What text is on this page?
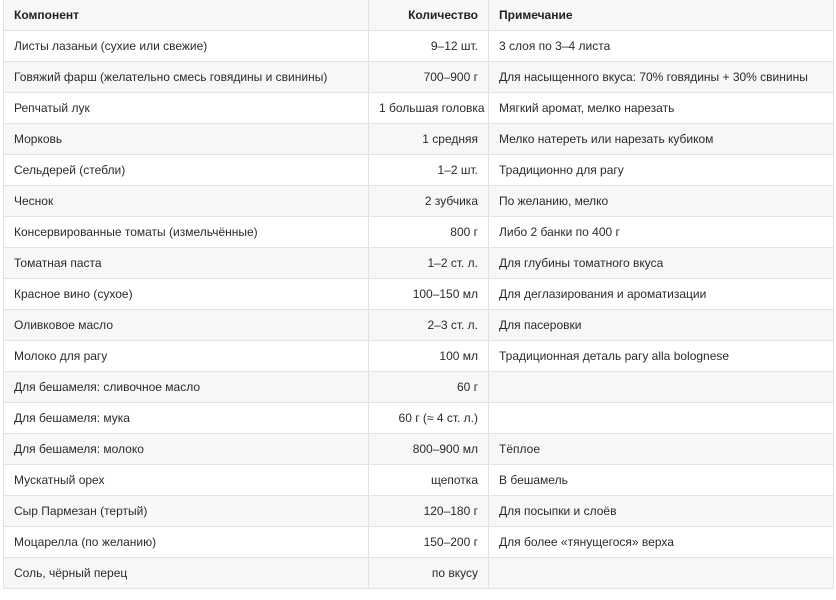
Компонент	Количество	Примечание
Листы лазаньи (сухие или свежие)	9–12 шт.	3 слоя по 3–4 листа
Говяжий фарш (желательно смесь говядины и свинины)	700–900 г	Для насыщенного вкуса: 70% говядины + 30% свинины
Репчатый лук	1 большая головка	Мягкий аромат, мелко нарезать
Морковь	1 средняя	Мелко натереть или нарезать кубиком
Сельдерей (стебли)	1–2 шт.	Традиционно для рагу
Чеснок	2 зубчика	По желанию, мелко
Консервированные томаты (измельчённые)	800 г	Либо 2 банки по 400 г
Томатная паста	1–2 ст. л.	Для глубины томатного вкуса
Красное вино (сухое)	100–150 мл	Для деглазирования и ароматизации
Оливковое масло	2–3 ст. л.	Для пасеровки
Молоко для рагу	100 мл	Традиционная деталь рагу alla bolognese
Для бешамеля: сливочное масло	60 г	
Для бешамеля: мука	60 г (≈ 4 ст. л.)	
Для бешамеля: молоко	800–900 мл	Тёплое
Мускатный орех	щепотка	В бешамель
Сыр Пармезан (тертый)	120–180 г	Для посыпки и слоёв
Моцарелла (по желанию)	150–200 г	Для более «тянущегося» верха
Соль, чёрный перец	по вкусу	
